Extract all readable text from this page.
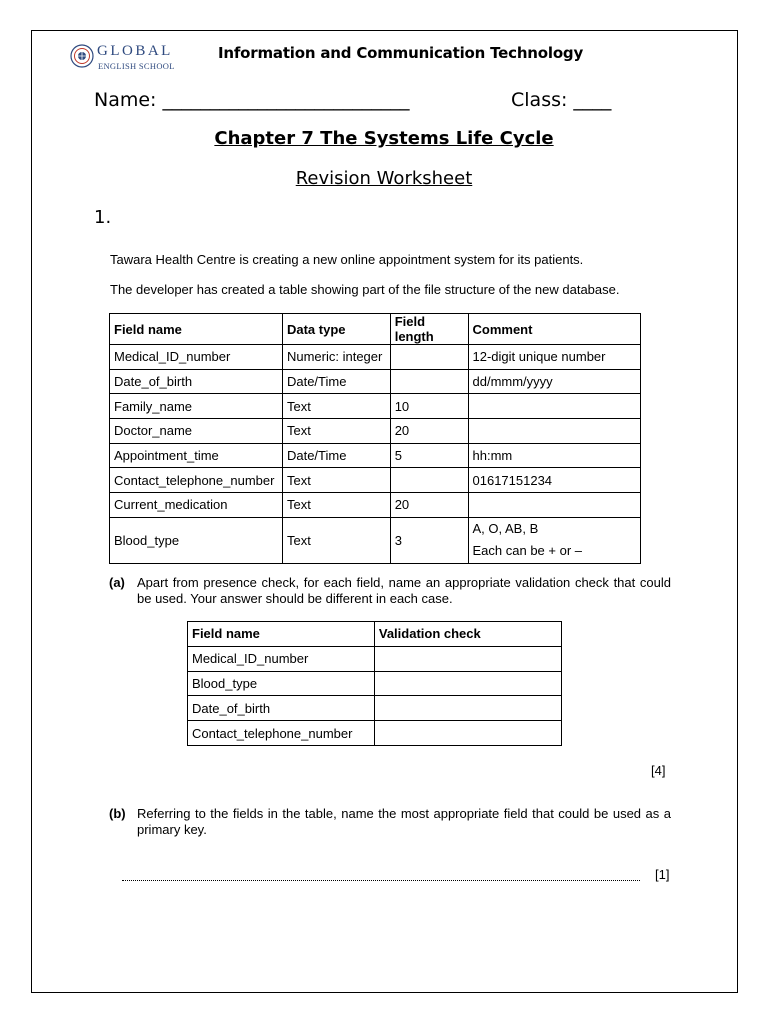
GLOBAL
ENGLISH SCHOOL
Information and Communication Technology
Name: __________________________	Class: ____
Chapter 7 The Systems Life Cycle
Revision Worksheet
1.
Tawara Health Centre is creating a new online appointment system for its patients.
The developer has created a table showing part of the file structure of the new database.
Field name	Data type	Field length	Comment
Medical_ID_number	Numeric: integer		12-digit unique number
Date_of_birth	Date/Time		dd/mmm/yyyy
Family_name	Text	10	
Doctor_name	Text	20	
Appointment_time	Date/Time	5	hh:mm
Contact_telephone_number	Text		01617151234
Current_medication	Text	20	
Blood_type	Text	3	A, O, AB, B
Each can be + or –
(a) Apart from presence check, for each field, name an appropriate validation check that could be used. Your answer should be different in each case.
Field name	Validation check
Medical_ID_number	
Blood_type	
Date_of_birth	
Contact_telephone_number	
[4]
(b) Referring to the fields in the table, name the most appropriate field that could be used as a primary key.
[1]
